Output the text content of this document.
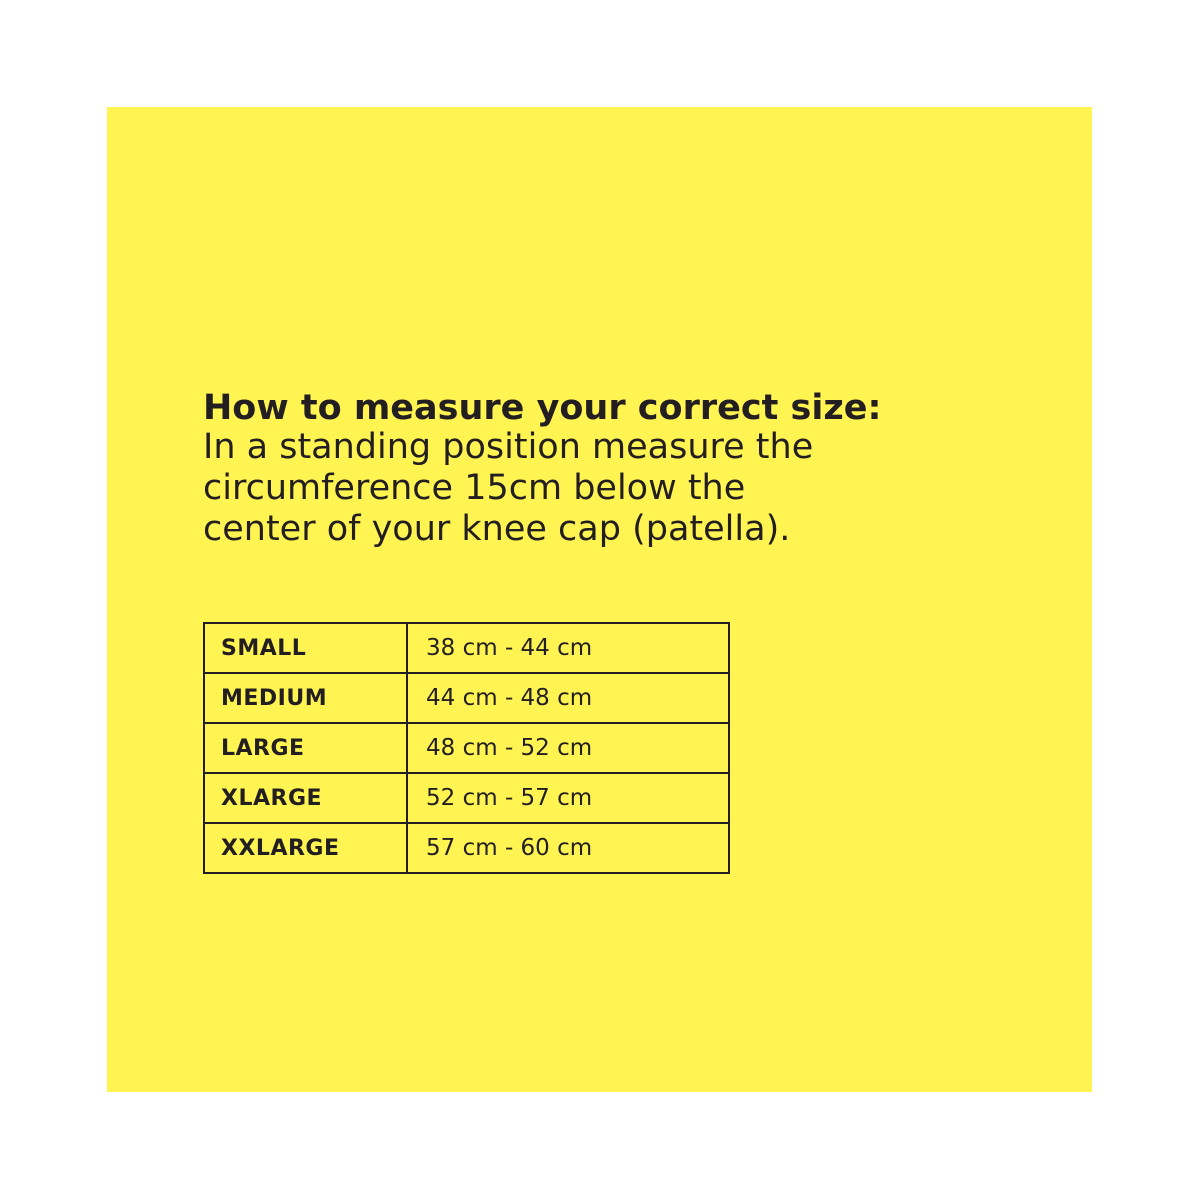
How to measure your correct size:
In a standing position measure the
circumference 15cm below the
center of your knee cap (patella).
SMALL	38 cm - 44 cm
MEDIUM	44 cm - 48 cm
LARGE	48 cm - 52 cm
XLARGE	52 cm - 57 cm
XXLARGE	57 cm - 60 cm
